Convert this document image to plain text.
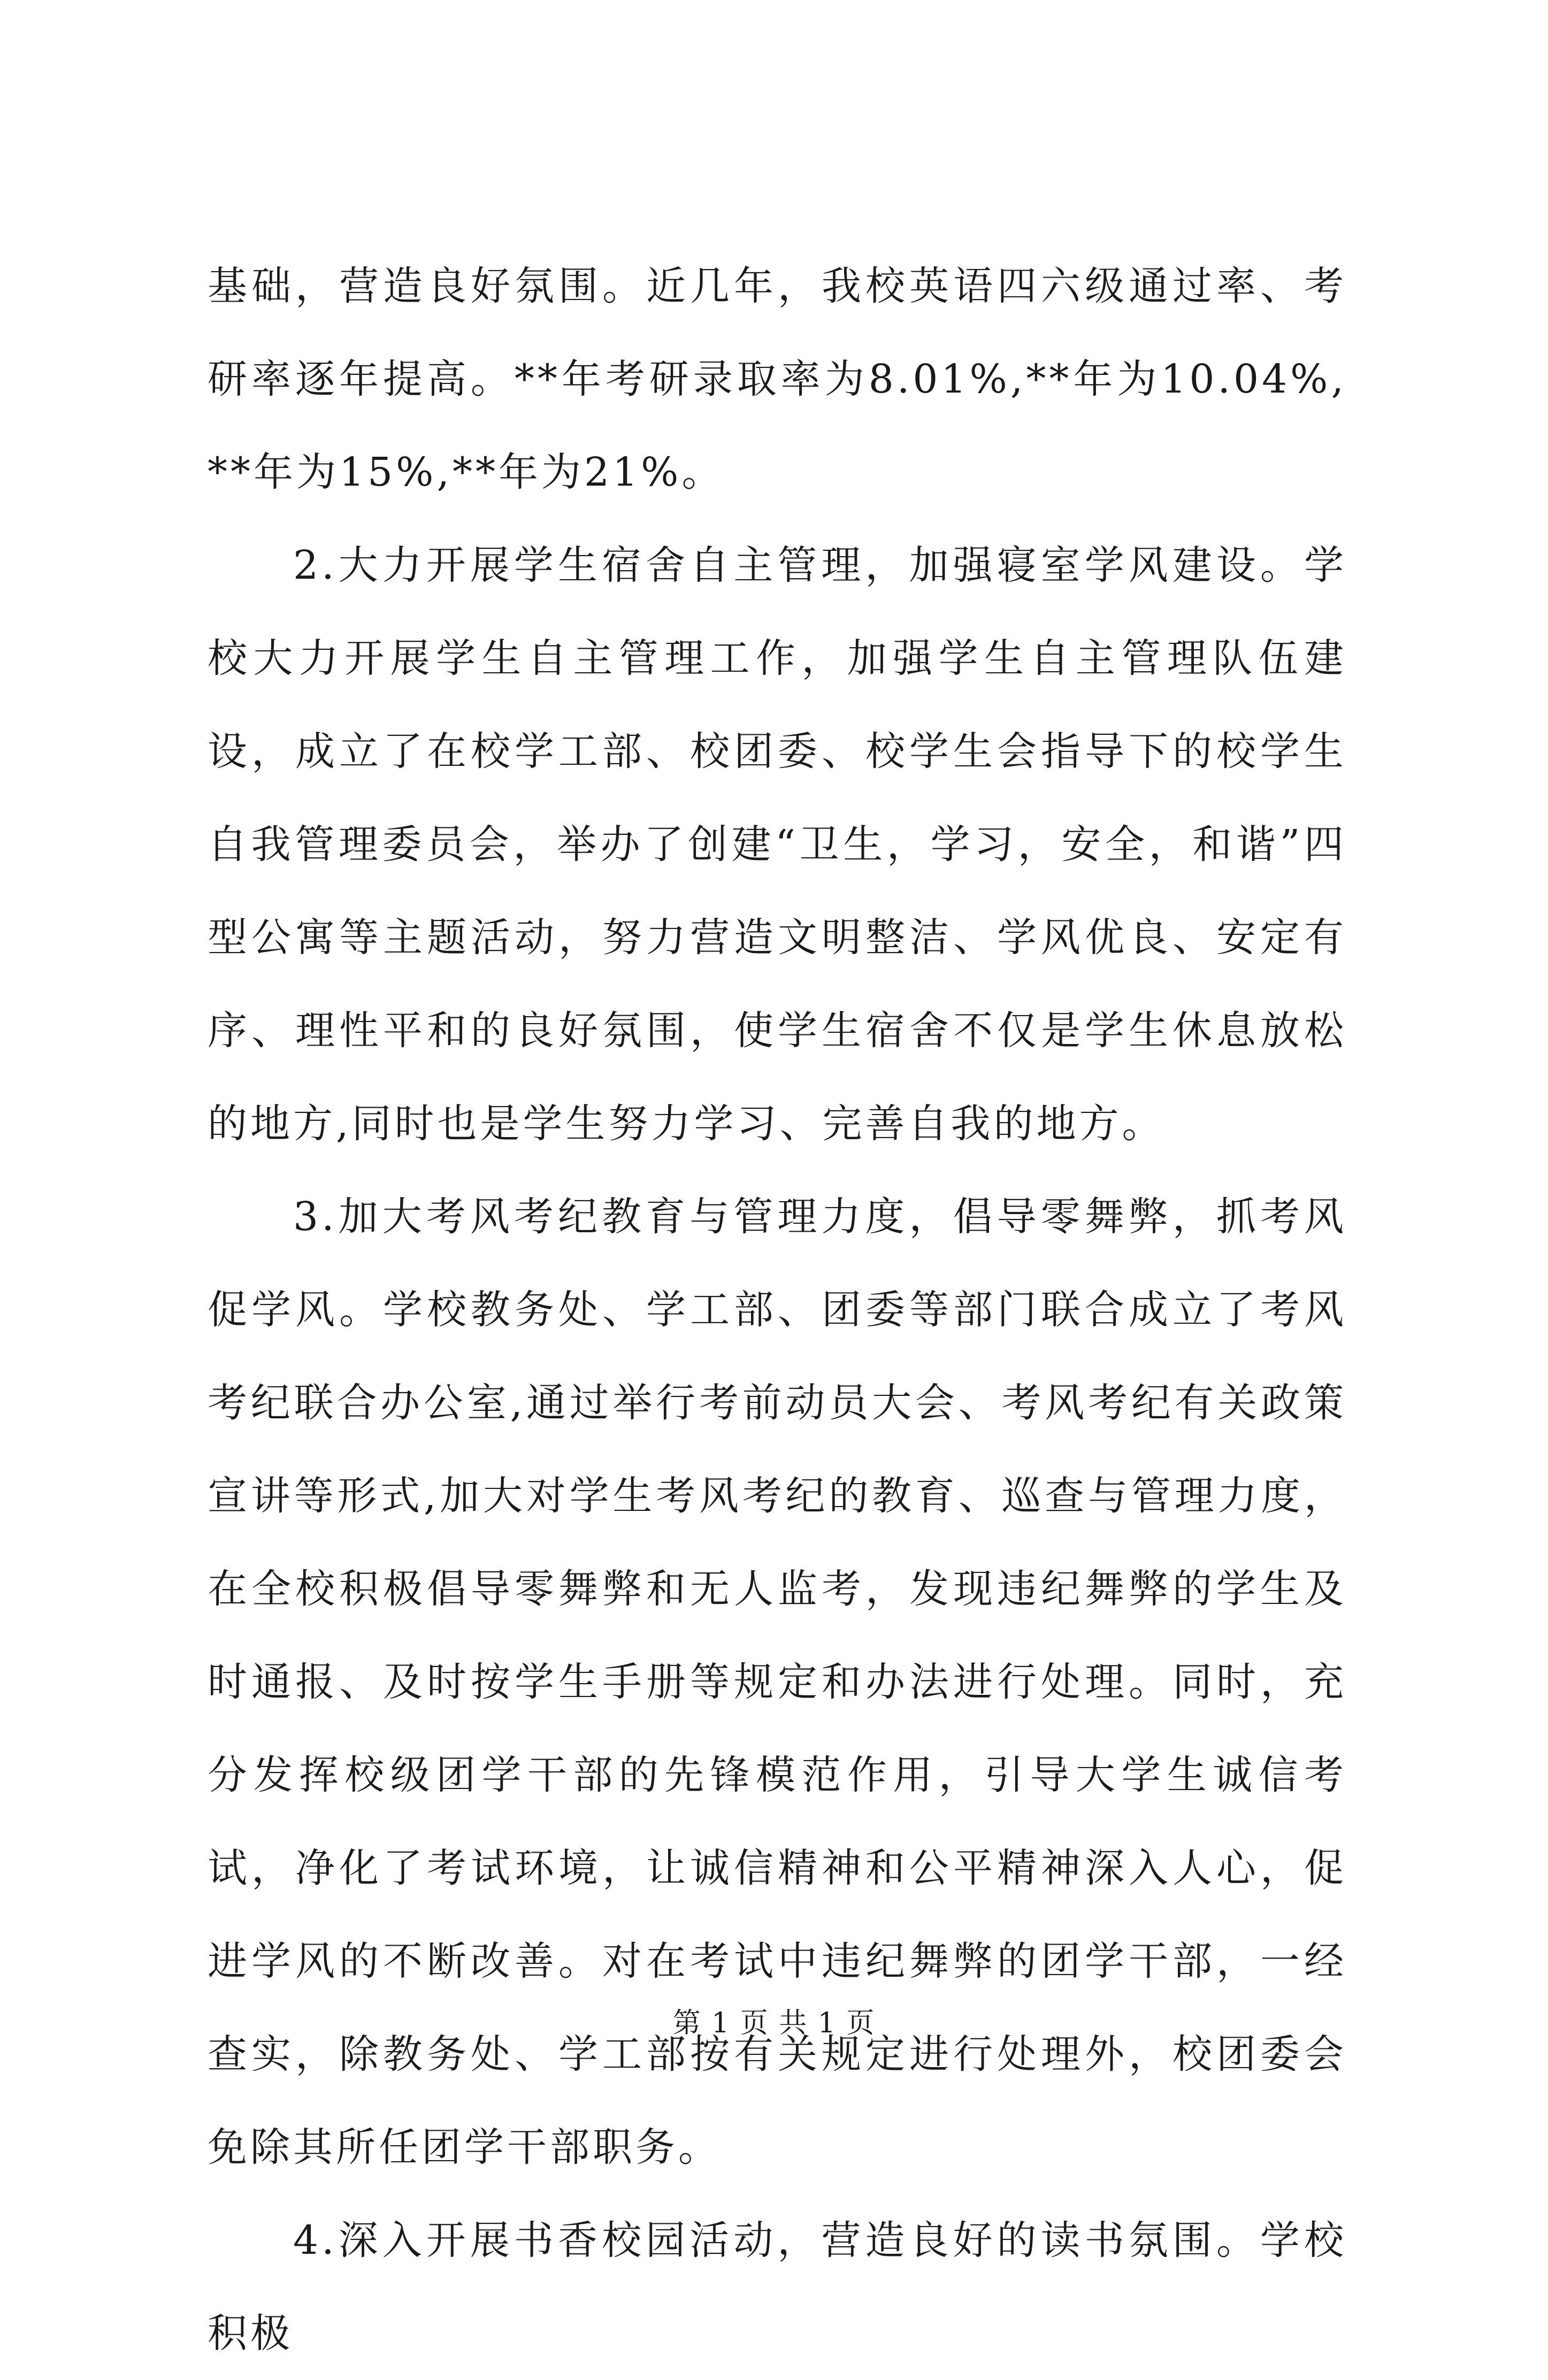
基础，营造良好氛围。近几年，我校英语四六级通过率、考研率逐年提高。**年考研录取率为8.01%,**年为10.04%,**年为15%,**年为21%。

2.大力开展学生宿舍自主管理，加强寝室学风建设。学校大力开展学生自主管理工作，加强学生自主管理队伍建设，成立了在校学工部、校团委、校学生会指导下的校学生自我管理委员会，举办了创建“卫生，学习，安全，和谐”四型公寓等主题活动，努力营造文明整洁、学风优良、安定有序、理性平和的良好氛围，使学生宿舍不仅是学生休息放松的地方,同时也是学生努力学习、完善自我的地方。

3.加大考风考纪教育与管理力度，倡导零舞弊，抓考风促学风。学校教务处、学工部、团委等部门联合成立了考风考纪联合办公室,通过举行考前动员大会、考风考纪有关政策宣讲等形式,加大对学生考风考纪的教育、巡查与管理力度，在全校积极倡导零舞弊和无人监考，发现违纪舞弊的学生及时通报、及时按学生手册等规定和办法进行处理。同时，充分发挥校级团学干部的先锋模范作用，引导大学生诚信考试，净化了考试环境，让诚信精神和公平精神深入人心，促进学风的不断改善。对在考试中违纪舞弊的团学干部，一经查实，除教务处、学工部按有关规定进行处理外，校团委会免除其所任团学干部职务。

4.深入开展书香校园活动，营造良好的读书氛围。学校积极

第 1 页 共 1 页
